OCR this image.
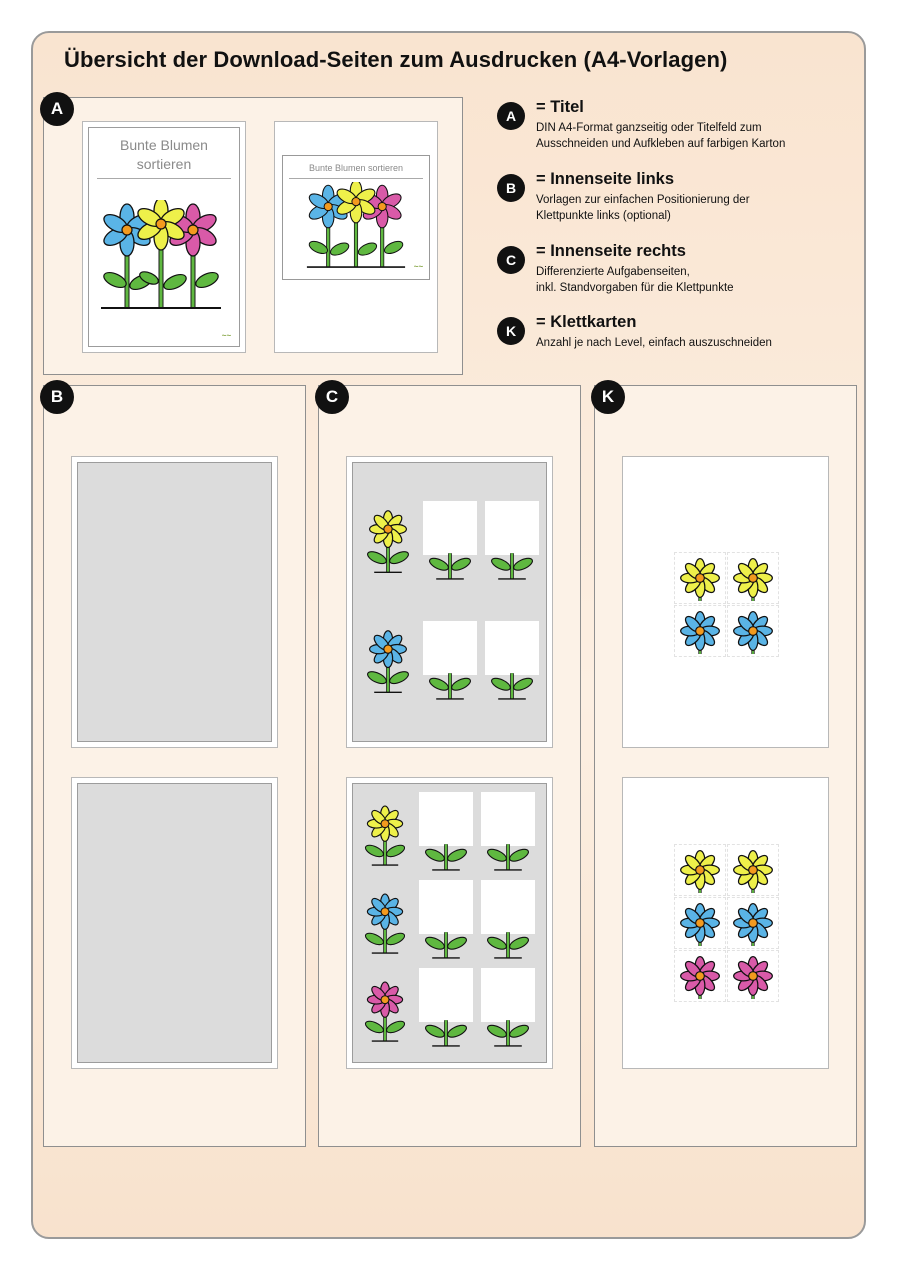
Übersicht der Download-Seiten zum Ausdrucken (A4-Vorlagen)
A
Bunte Blumen sortieren
~~
Bunte Blumen sortieren
~~
A	= Titel
DIN A4-Format ganzseitig oder Titelfeld zum
Ausschneiden und Aufkleben auf farbigen Karton
B	= Innenseite links
Vorlagen zur einfachen Positionierung der
Klettpunkte links (optional)
C	= Innenseite rechts
Differenzierte Aufgabenseiten,
inkl. Standvorgaben für die Klettpunkte
K	= Klettkarten
Anzahl je nach Level, einfach auszuschneiden
B	C	K
